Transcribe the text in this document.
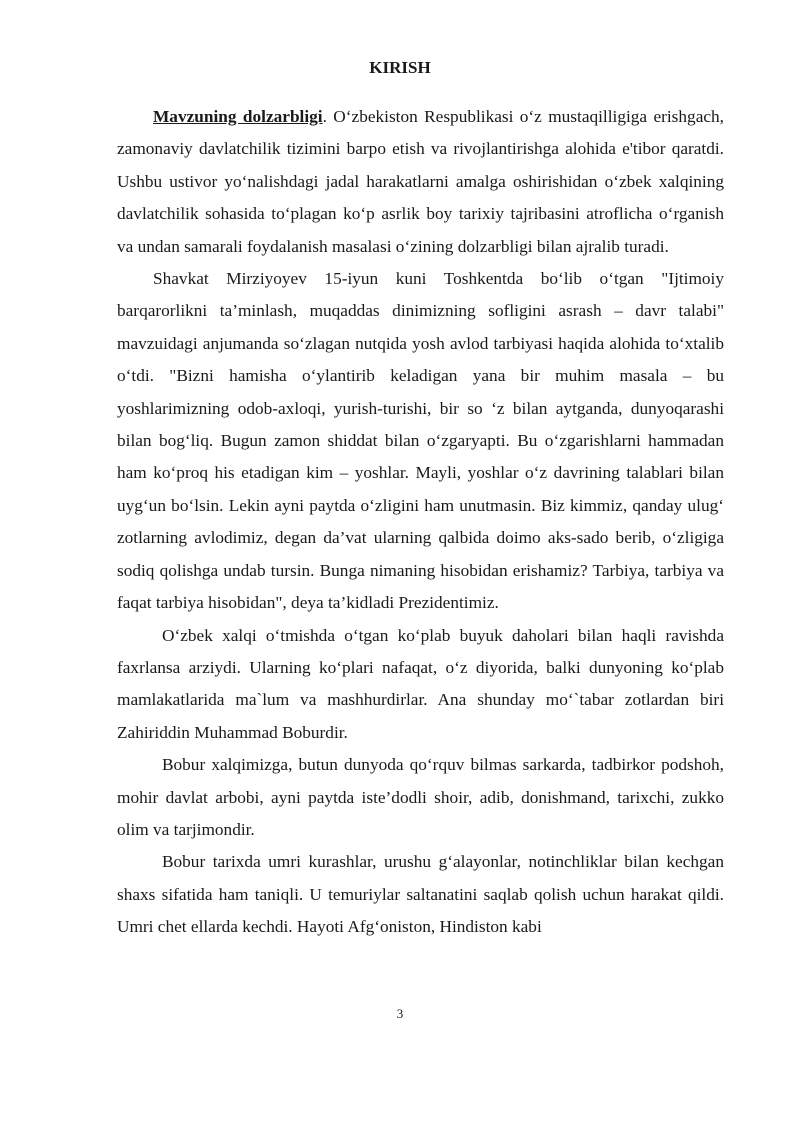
KIRISH

Mavzuning dolzarbligi. O‘zbekiston Respublikasi o‘z mustaqilligiga erishgach, zamonaviy davlatchilik tizimini barpo etish va rivojlantirishga alohida e'tibor qaratdi. Ushbu ustivor yo‘nalishdagi jadal harakatlarni amalga oshirishidan o‘zbek xalqining davlatchilik sohasida to‘plagan ko‘p asrlik boy tarixiy tajribasini atroflicha o‘rganish va undan samarali foydalanish masalasi o‘zining dolzarbligi bilan ajralib turadi.

Shavkat Mirziyoyev 15-iyun kuni Toshkentda bo‘lib o‘tgan "Ijtimoiy barqarorlikni ta’minlash, muqaddas dinimizning sofligini asrash – davr talabi" mavzuidagi anjumanda so‘zlagan nutqida yosh avlod tarbiyasi haqida alohida to‘xtalib o‘tdi. "Bizni hamisha o‘ylantirib keladigan yana bir muhim masala – bu yoshlarimizning odob-axloqi, yurish-turishi, bir so ‘z bilan aytganda, dunyoqarashi bilan bog‘liq. Bugun zamon shiddat bilan o‘zgaryapti. Bu o‘zgarishlarni hammadan ham ko‘proq his etadigan kim – yoshlar. Mayli, yoshlar o‘z davrining talablari bilan uyg‘un bo‘lsin. Lekin ayni paytda o‘zligini ham unutmasin. Biz kimmiz, qanday ulug‘ zotlarning avlodimiz, degan da’vat ularning qalbida doimo aks-sado berib, o‘zligiga sodiq qolishga undab tursin. Bunga nimaning hisobidan erishamiz? Tarbiya, tarbiya va faqat tarbiya hisobidan", deya ta’kidladi Prezidentimiz.

O‘zbek xalqi o‘tmishda o‘tgan ko‘plab buyuk daholari bilan haqli ravishda faxrlansa arziydi. Ularning ko‘plari nafaqat, o‘z diyorida, balki dunyoning ko‘plab mamlakatlarida ma`lum va mashhurdirlar. Ana shunday mo‘`tabar zotlardan biri Zahiriddin Muhammad Boburdir.

Bobur xalqimizga, butun dunyoda qo‘rquv bilmas sarkarda, tadbirkor podshoh, mohir davlat arbobi, ayni paytda iste’dodli shoir, adib, donishmand, tarixchi, zukko olim va tarjimondir.

Bobur tarixda umri kurashlar, urushu g‘alayonlar, notinchliklar bilan kechgan shaxs sifatida ham taniqli. U temuriylar saltanatini saqlab qolish uchun harakat qildi. Umri chet ellarda kechdi. Hayoti Afg‘oniston, Hindiston kabi

3
